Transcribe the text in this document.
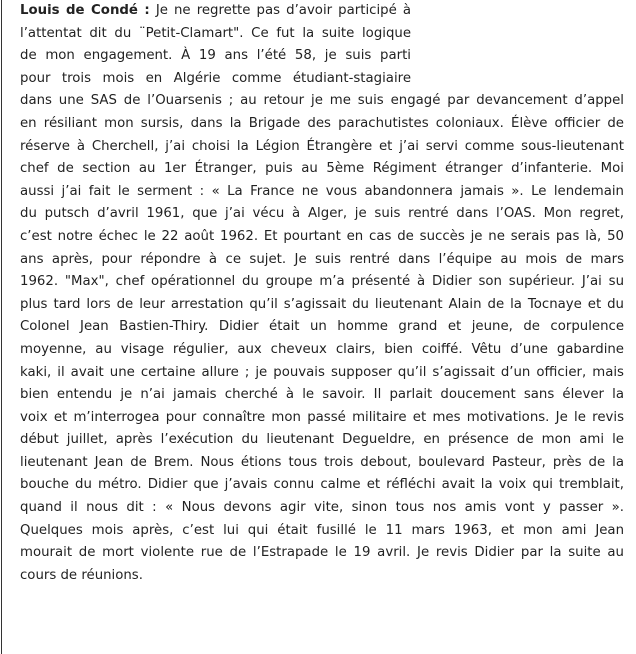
Louis de Condé : Je ne regrette pas d’avoir participé à
l’attentat dit du ¨Petit-Clamart". Ce fut la suite logique
de mon engagement. À 19 ans l’été 58, je suis parti
pour trois mois en Algérie comme étudiant-stagiaire
dans une SAS de l’Ouarsenis ; au retour je me suis engagé par devancement d’appel
en résiliant mon sursis, dans la Brigade des parachutistes coloniaux. Élève officier de
réserve à Cherchell, j’ai choisi la Légion Étrangère et j’ai servi comme sous-lieutenant
chef de section au 1er Étranger, puis au 5ème Régiment étranger d’infanterie. Moi
aussi j’ai fait le serment : « La France ne vous abandonnera jamais ». Le lendemain
du putsch d’avril 1961, que j’ai vécu à Alger, je suis rentré dans l’OAS. Mon regret,
c’est notre échec le 22 août 1962. Et pourtant en cas de succès je ne serais pas là, 50
ans après, pour répondre à ce sujet. Je suis rentré dans l’équipe au mois de mars
1962. "Max", chef opérationnel du groupe m’a présenté à Didier son supérieur. J’ai su
plus tard lors de leur arrestation qu’il s’agissait du lieutenant Alain de la Tocnaye et du
Colonel Jean Bastien-Thiry. Didier était un homme grand et jeune, de corpulence
moyenne, au visage régulier, aux cheveux clairs, bien coiffé. Vêtu d’une gabardine
kaki, il avait une certaine allure ; je pouvais supposer qu’il s’agissait d’un officier, mais
bien entendu je n’ai jamais cherché à le savoir. Il parlait doucement sans élever la
voix et m’interrogea pour connaître mon passé militaire et mes motivations. Je le revis
début juillet, après l’exécution du lieutenant Degueldre, en présence de mon ami le
lieutenant Jean de Brem. Nous étions tous trois debout, boulevard Pasteur, près de la
bouche du métro. Didier que j’avais connu calme et réfléchi avait la voix qui tremblait,
quand il nous dit : « Nous devons agir vite, sinon tous nos amis vont y passer ».
Quelques mois après, c’est lui qui était fusillé le 11 mars 1963, et mon ami Jean
mourait de mort violente rue de l’Estrapade le 19 avril. Je revis Didier par la suite au
cours de réunions.
